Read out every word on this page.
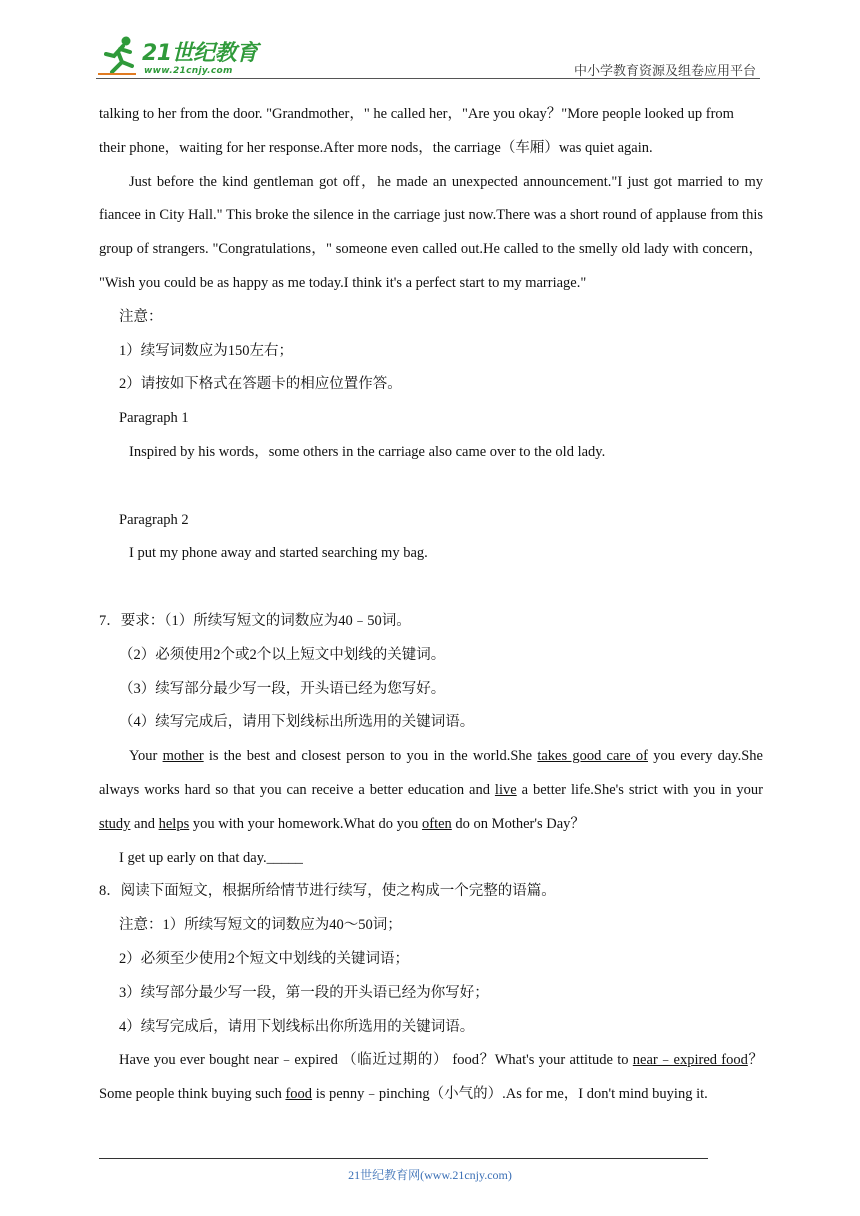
21世纪教育
www.21cnjy.com	中小学教育资源及组卷应用平台

talking to her from the door. "Grandmother，" he called her，"Are you okay？"More people looked up from

their phone，waiting for her response.After more nods，the carriage（车厢）was quiet again.

Just before the kind gentleman got off，he made an unexpected announcement."I just got married to my fiancee in City Hall." This broke the silence in the carriage just now.There was a short round of applause from this group of strangers. "Congratulations，" someone even called out.He called to the smelly old lady with concern， "Wish you could be as happy as me today.I think it's a perfect start to my marriage."

注意：

1）续写词数应为150左右；

2）请按如下格式在答题卡的相应位置作答。

Paragraph 1

Inspired by his words，some others in the carriage also came over to the old lady.

Paragraph 2

I put my phone away and started searching my bag.

7．要求：（1）所续写短文的词数应为40﹣50词。

（2）必须使用2个或2个以上短文中划线的关键词。

（3）续写部分最少写一段，开头语已经为您写好。

（4）续写完成后，请用下划线标出所选用的关键词语。

Your mother is the best and closest person to you in the world.She takes good care of you every day.She always works hard so that you can receive a better education and live a better life.She's strict with you in your study and helps you with your homework.What do you often do on Mother's Day？

I get up early on that day._____

8．阅读下面短文，根据所给情节进行续写，使之构成一个完整的语篇。

注意：1）所续写短文的词数应为40～50词；

2）必须至少使用2个短文中划线的关键词语；

3）续写部分最少写一段，第一段的开头语已经为你写好；

4）续写完成后，请用下划线标出你所选用的关键词语。

Have you ever bought near﹣expired （临近过期的） food？What's your attitude to near﹣expired food？Some people think buying such food is penny﹣pinching（小气的）.As for me，I don't mind buying it.

21世纪教育网(www.21cnjy.com)
